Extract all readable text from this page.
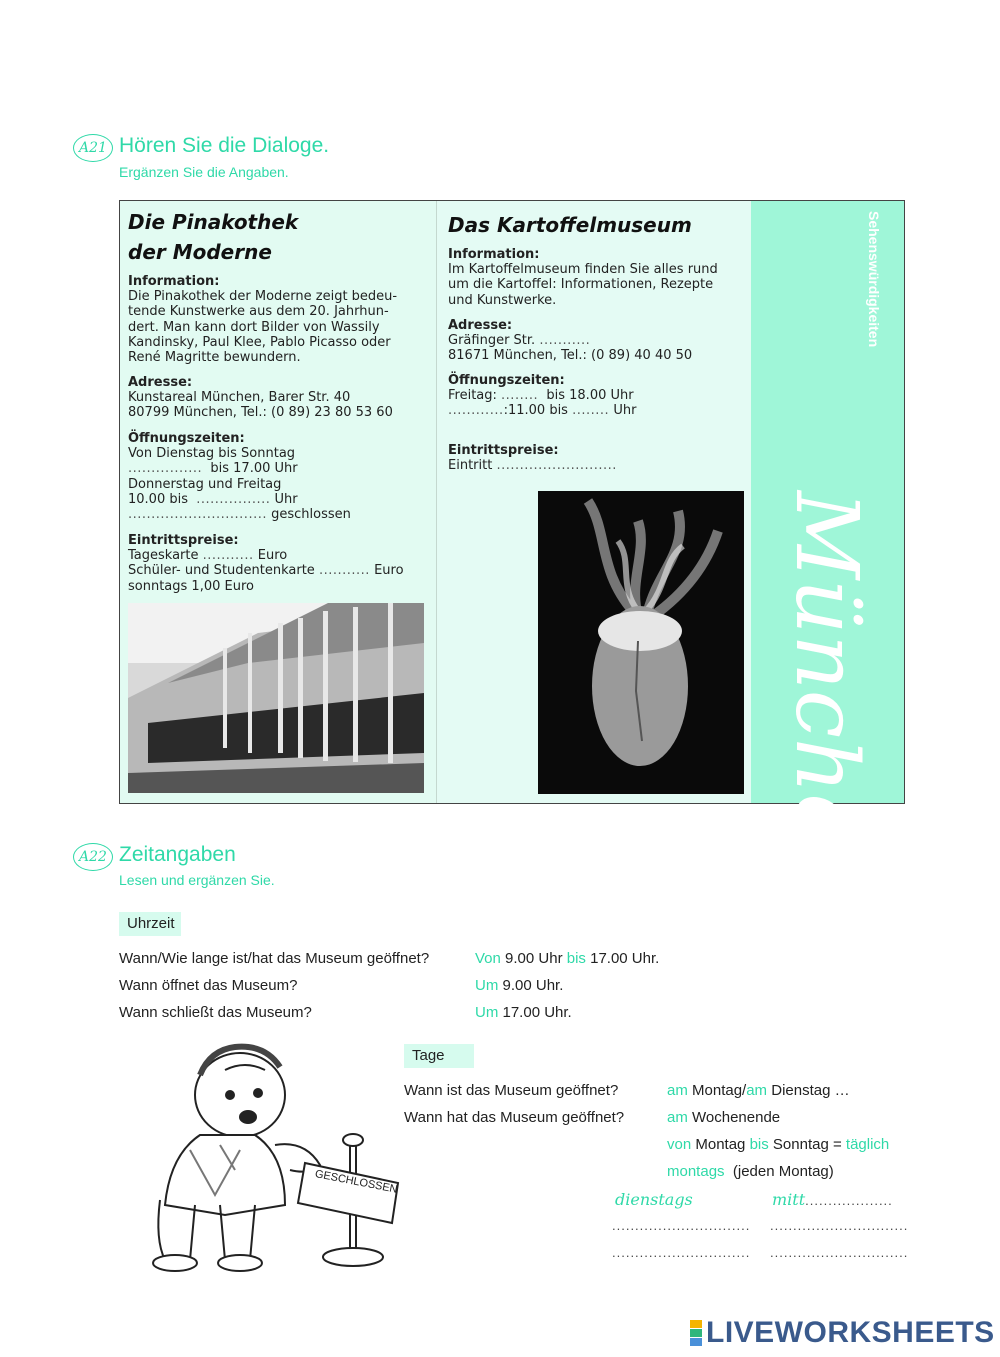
A21 Hören Sie die Dialoge.
Ergänzen Sie die Angaben.
Die Pinakothek
der Moderne
Information:
Die Pinakothek der Moderne zeigt bedeu-
tende Kunstwerke aus dem 20. Jahrhun-
dert. Man kann dort Bilder von Wassily
Kandinsky, Paul Klee, Pablo Picasso oder
René Magritte bewundern.
Adresse:
Kunstareal München, Barer Str. 40
80799 München, Tel.: (0 89) 23 80 53 60
Öffnungszeiten:
Von Dienstag bis Sonntag
................ bis 17.00 Uhr
Donnerstag und Freitag
10.00 bis ................ Uhr
.............................. geschlossen
Eintrittspreise:
Tageskarte ........... Euro
Schüler- und Studentenkarte ........... Euro
sonntags 1,00 Euro
Das Kartoffelmuseum
Information:
Im Kartoffelmuseum finden Sie alles rund
um die Kartoffel: Informationen, Rezepte
und Kunstwerke.
Adresse:
Gräfinger Str. ...........
81671 München, Tel.: (0 89) 40 40 50
Öffnungszeiten:
Freitag: ........ bis 18.00 Uhr
............:11.00 bis ........ Uhr
Eintrittspreise:
Eintritt ..........................
Sehenswürdigkeiten
München
A22 Zeitangaben
Lesen und ergänzen Sie.
Uhrzeit
Wann/Wie lange ist/hat das Museum geöffnet?	Von 9.00 Uhr bis 17.00 Uhr.
Wann öffnet das Museum?	Um 9.00 Uhr.
Wann schließt das Museum?	Um 17.00 Uhr.
GESCHLOSSEN
Tage
Wann ist das Museum geöffnet?	am Montag/am Dienstag …
Wann hat das Museum geöffnet?	am Wochenende
von Montag bis Sonntag = täglich
montags  (jeden Montag)
dienstags	mitt...................
.............................. ..............................
.............................. ..............................
LIVEWORKSHEETS
